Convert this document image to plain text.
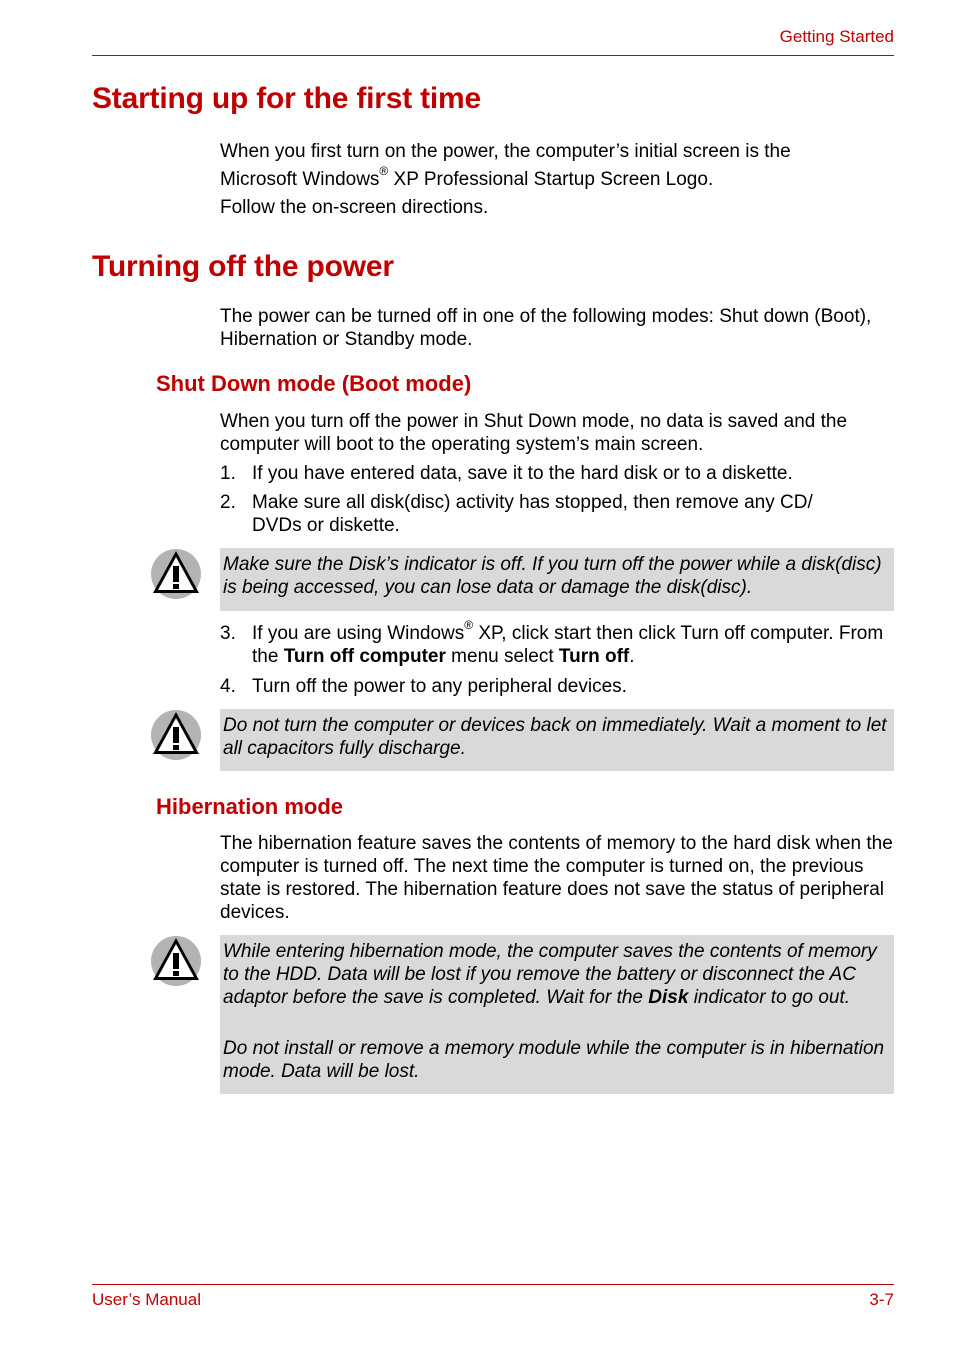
Getting Started
Starting up for the first time
When you first turn on the power, the computer’s initial screen is the Microsoft Windows® XP Professional Startup Screen Logo.
Follow the on-screen directions.
Turning off the power
The power can be turned off in one of the following modes: Shut down (Boot), Hibernation or Standby mode.
Shut Down mode (Boot mode)
When you turn off the power in Shut Down mode, no data is saved and the computer will boot to the operating system’s main screen.
1. If you have entered data, save it to the hard disk or to a diskette.
2. Make sure all disk(disc) activity has stopped, then remove any CD/ DVDs or diskette.
Make sure the Disk’s indicator is off. If you turn off the power while a disk(disc) is being accessed, you can lose data or damage the disk(disc).
3. If you are using Windows® XP, click start then click Turn off computer. From the Turn off computer menu select Turn off.
4. Turn off the power to any peripheral devices.
Do not turn the computer or devices back on immediately. Wait a moment to let all capacitors fully discharge.
Hibernation mode
The hibernation feature saves the contents of memory to the hard disk when the computer is turned off. The next time the computer is turned on, the previous state is restored. The hibernation feature does not save the status of peripheral devices.
While entering hibernation mode, the computer saves the contents of memory to the HDD. Data will be lost if you remove the battery or disconnect the AC adaptor before the save is completed. Wait for the Disk indicator to go out.
Do not install or remove a memory module while the computer is in hibernation mode. Data will be lost.
User’s Manual	3-7
